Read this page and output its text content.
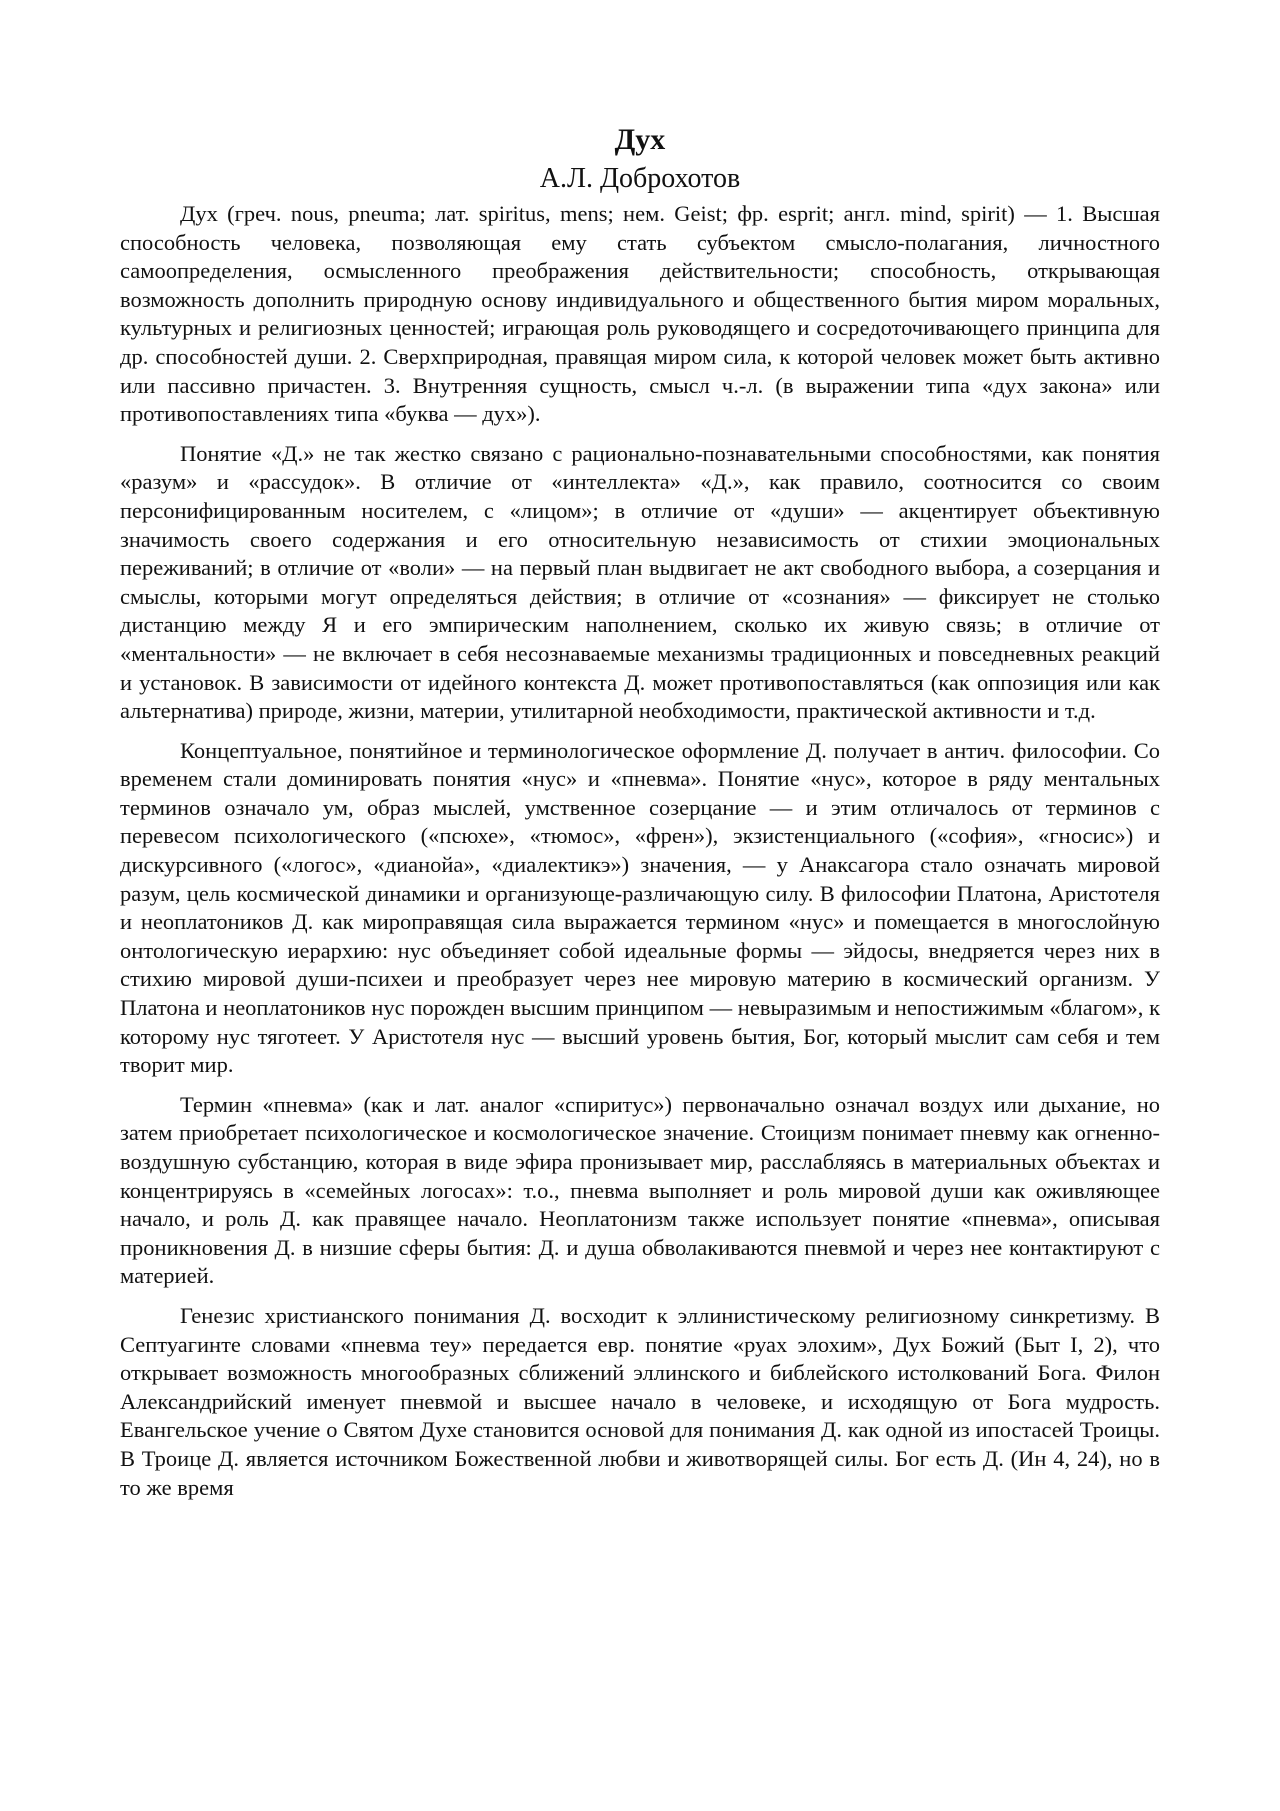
Дух
А.Л. Доброхотов

Дух (греч. nous, pneuma; лат. spiritus, mens; нем. Geist; фр. esprit; англ. mind, spirit) — 1. Высшая способность человека, позволяющая ему стать субъектом смысло-полагания, личностного самоопределения, осмысленного преображения действительности; способность, открывающая возможность дополнить природную основу индивидуального и общественного бытия миром моральных, культурных и религиозных ценностей; играющая роль руководящего и сосредоточивающего принципа для др. способностей души. 2. Сверхприродная, правящая миром сила, к которой человек может быть активно или пассивно причастен. 3. Внутренняя сущность, смысл ч.-л. (в выражении типа «дух закона» или противопоставлениях типа «буква — дух»).

Понятие «Д.» не так жестко связано с рационально-познавательными способностями, как понятия «разум» и «рассудок». В отличие от «интеллекта» «Д.», как правило, соотносится со своим персонифицированным носителем, с «лицом»; в отличие от «души» — акцентирует объективную значимость своего содержания и его относительную независимость от стихии эмоциональных переживаний; в отличие от «воли» — на первый план выдвигает не акт свободного выбора, а созерцания и смыслы, которыми могут определяться действия; в отличие от «сознания» — фиксирует не столько дистанцию между Я и его эмпирическим наполнением, сколько их живую связь; в отличие от «ментальности» — не включает в себя несознаваемые механизмы традиционных и повседневных реакций и установок. В зависимости от идейного контекста Д. может противопоставляться (как оппозиция или как альтернатива) природе, жизни, материи, утилитарной необходимости, практической активности и т.д.

Концептуальное, понятийное и терминологическое оформление Д. получает в антич. философии. Со временем стали доминировать понятия «нус» и «пневма». Понятие «нус», которое в ряду ментальных терминов означало ум, образ мыслей, умственное созерцание — и этим отличалось от терминов с перевесом психологического («псюхе», «тюмос», «френ»), экзистенциального («софия», «гносис») и дискурсивного («логос», «дианойа», «диалектикэ») значения, — у Анаксагора стало означать мировой разум, цель космической динамики и организующе-различающую силу. В философии Платона, Аристотеля и неоплатоников Д. как мироправящая сила выражается термином «нус» и помещается в многослойную онтологическую иерархию: нус объединяет собой идеальные формы — эйдосы, внедряется через них в стихию мировой души-психеи и преобразует через нее мировую материю в космический организм. У Платона и неоплатоников нус порожден высшим принципом — невыразимым и непостижимым «благом», к которому нус тяготеет. У Аристотеля нус — высший уровень бытия, Бог, который мыслит сам себя и тем творит мир.

Термин «пневма» (как и лат. аналог «спиритус») первоначально означал воздух или дыхание, но затем приобретает психологическое и космологическое значение. Стоицизм понимает пневму как огненно-воздушную субстанцию, которая в виде эфира пронизывает мир, расслабляясь в материальных объектах и концентрируясь в «семейных логосах»: т.о., пневма выполняет и роль мировой души как оживляющее начало, и роль Д. как правящее начало. Неоплатонизм также использует понятие «пневма», описывая проникновения Д. в низшие сферы бытия: Д. и душа обволакиваются пневмой и через нее контактируют с материей.

Генезис христианского понимания Д. восходит к эллинистическому религиозному синкретизму. В Септуагинте словами «пневма теу» передается евр. понятие «руах элохим», Дух Божий (Быт I, 2), что открывает возможность многообразных сближений эллинского и библейского истолкований Бога. Филон Александрийский именует пневмой и высшее начало в человеке, и исходящую от Бога мудрость. Евангельское учение о Святом Духе становится основой для понимания Д. как одной из ипостасей Троицы. В Троице Д. является источником Божественной любви и животворящей силы. Бог есть Д. (Ин 4, 24), но в то же время
